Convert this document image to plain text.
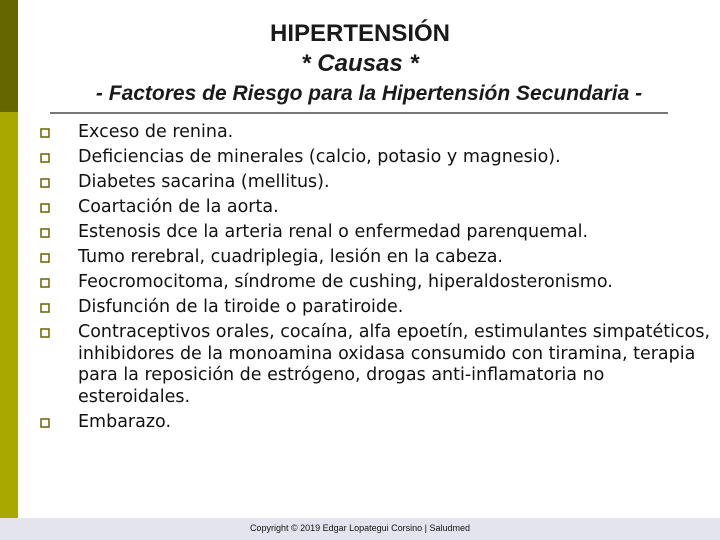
HIPERTENSIÓN
* Causas *
- Factores de Riesgo para la Hipertensión Secundaria -
Exceso de renina.
Deficiencias de minerales (calcio, potasio y magnesio).
Diabetes sacarina (mellitus).
Coartación de la aorta.
Estenosis dce la arteria renal o enfermedad parenquemal.
Tumo rerebral, cuadriplegia, lesión en la cabeza.
Feocromocitoma, síndrome de cushing, hiperaldosteronismo.
Disfunción de la tiroide o paratiroide.
Contraceptivos orales, cocaína, alfa epoetín, estimulantes simpatéticos, inhibidores de la monoamina oxidasa consumido con tiramina, terapia para la reposición de estrógeno, drogas anti-inflamatoria no esteroidales.
Embarazo.
Copyright © 2019 Edgar Lopategui Corsino | Saludmed
